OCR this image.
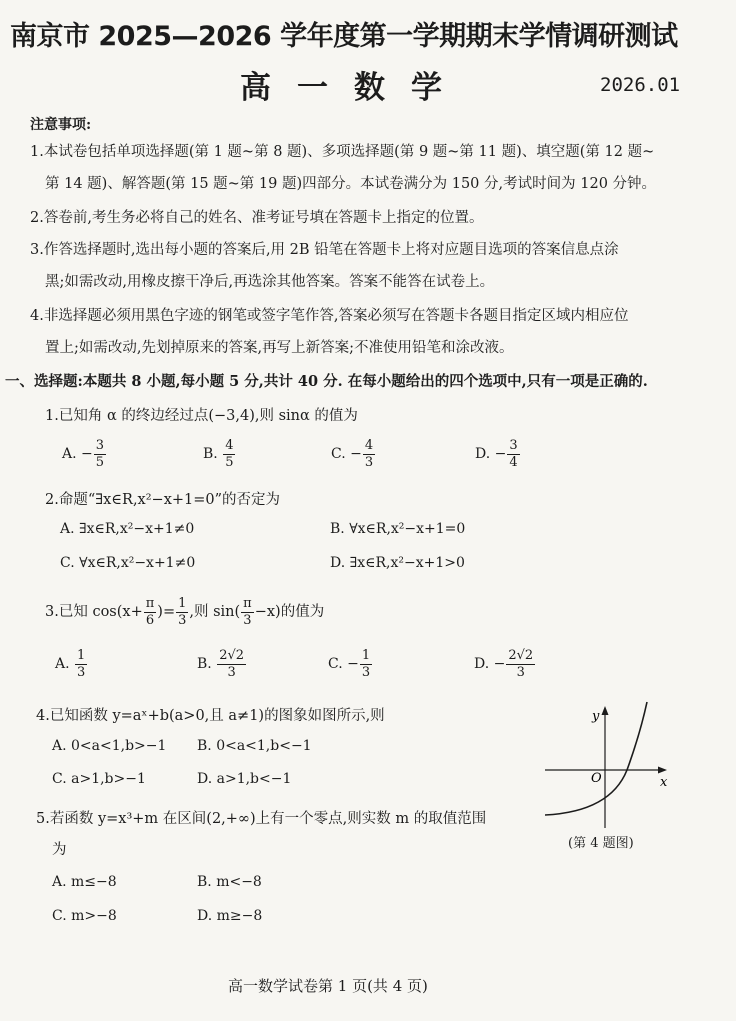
南京市 2025—2026 学年度第一学期期末学情调研测试
高一数学	2026.01
注意事项:
1.本试卷包括单项选择题(第 1 题~第 8 题)、多项选择题(第 9 题~第 11 题)、填空题(第 12 题~
第 14 题)、解答题(第 15 题~第 19 题)四部分。本试卷满分为 150 分,考试时间为 120 分钟。
2.答卷前,考生务必将自己的姓名、准考证号填在答题卡上指定的位置。
3.作答选择题时,选出每小题的答案后,用 2B 铅笔在答题卡上将对应题目选项的答案信息点涂
黑;如需改动,用橡皮擦干净后,再选涂其他答案。答案不能答在试卷上。
4.非选择题必须用黑色字迹的钢笔或签字笔作答,答案必须写在答题卡各题目指定区域内相应位
置上;如需改动,先划掉原来的答案,再写上新答案;不准使用铅笔和涂改液。
一、选择题:本题共 8 小题,每小题 5 分,共计 40 分. 在每小题给出的四个选项中,只有一项是正确的.
1.已知角 α 的终边经过点(−3,4),则 sinα 的值为
A. − $\frac{3}{5}$	B. $\frac{4}{5}$	C. − $\frac{4}{3}$	D. − $\frac{3}{4}$
2.命题“∃x∈R,x²−x+1=0”的否定为
A. ∃x∈R,x²−x+1≠0	B. ∀x∈R,x²−x+1=0
C. ∀x∈R,x²−x+1≠0	D. ∃x∈R,x²−x+1>0
3.已知 $\cos(x+ \frac{\pi}{6}$ )= $\frac{1}{3}$ ,则 $\sin( \frac{\pi}{3} -x)$的值为
A. $\frac{1}{3}$	B. $\frac{2√2}{3}$	C. − $\frac{1}{3}$	D. − $\frac{2√2}{3}$
4.已知函数 y=aˣ+b(a>0,且 a≠1)的图象如图所示,则
A. 0<a<1,b>−1 B. 0<a<1,b<−1
C. a>1,b>−1	D. a>1,b<−1
y
x
O
(第 4 题图)
5.若函数 y=x³+m 在区间(2,+∞)上有一个零点,则实数 m 的取值范围
为
A. m≤−8	B. m<−8
C. m>−8	D. m≥−8
高一数学试卷第 1 页(共 4 页)
